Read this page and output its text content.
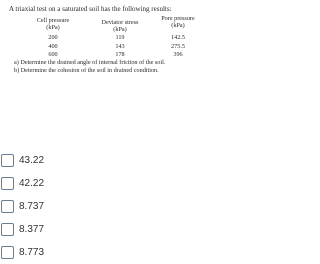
A triaxial test on a saturated soil has the following results:
Cell pressure
(kPa)
Deviator stress
(kPa)
Pore pressure
(kPa)
200	119	142.5
400	143	275.5
600	178	396
a) Determine the drained angle of internal friction of the soil.
b) Determine the cohesion of the soil in drained condition.
43.22
42.22
8.737
8.377
8.773
